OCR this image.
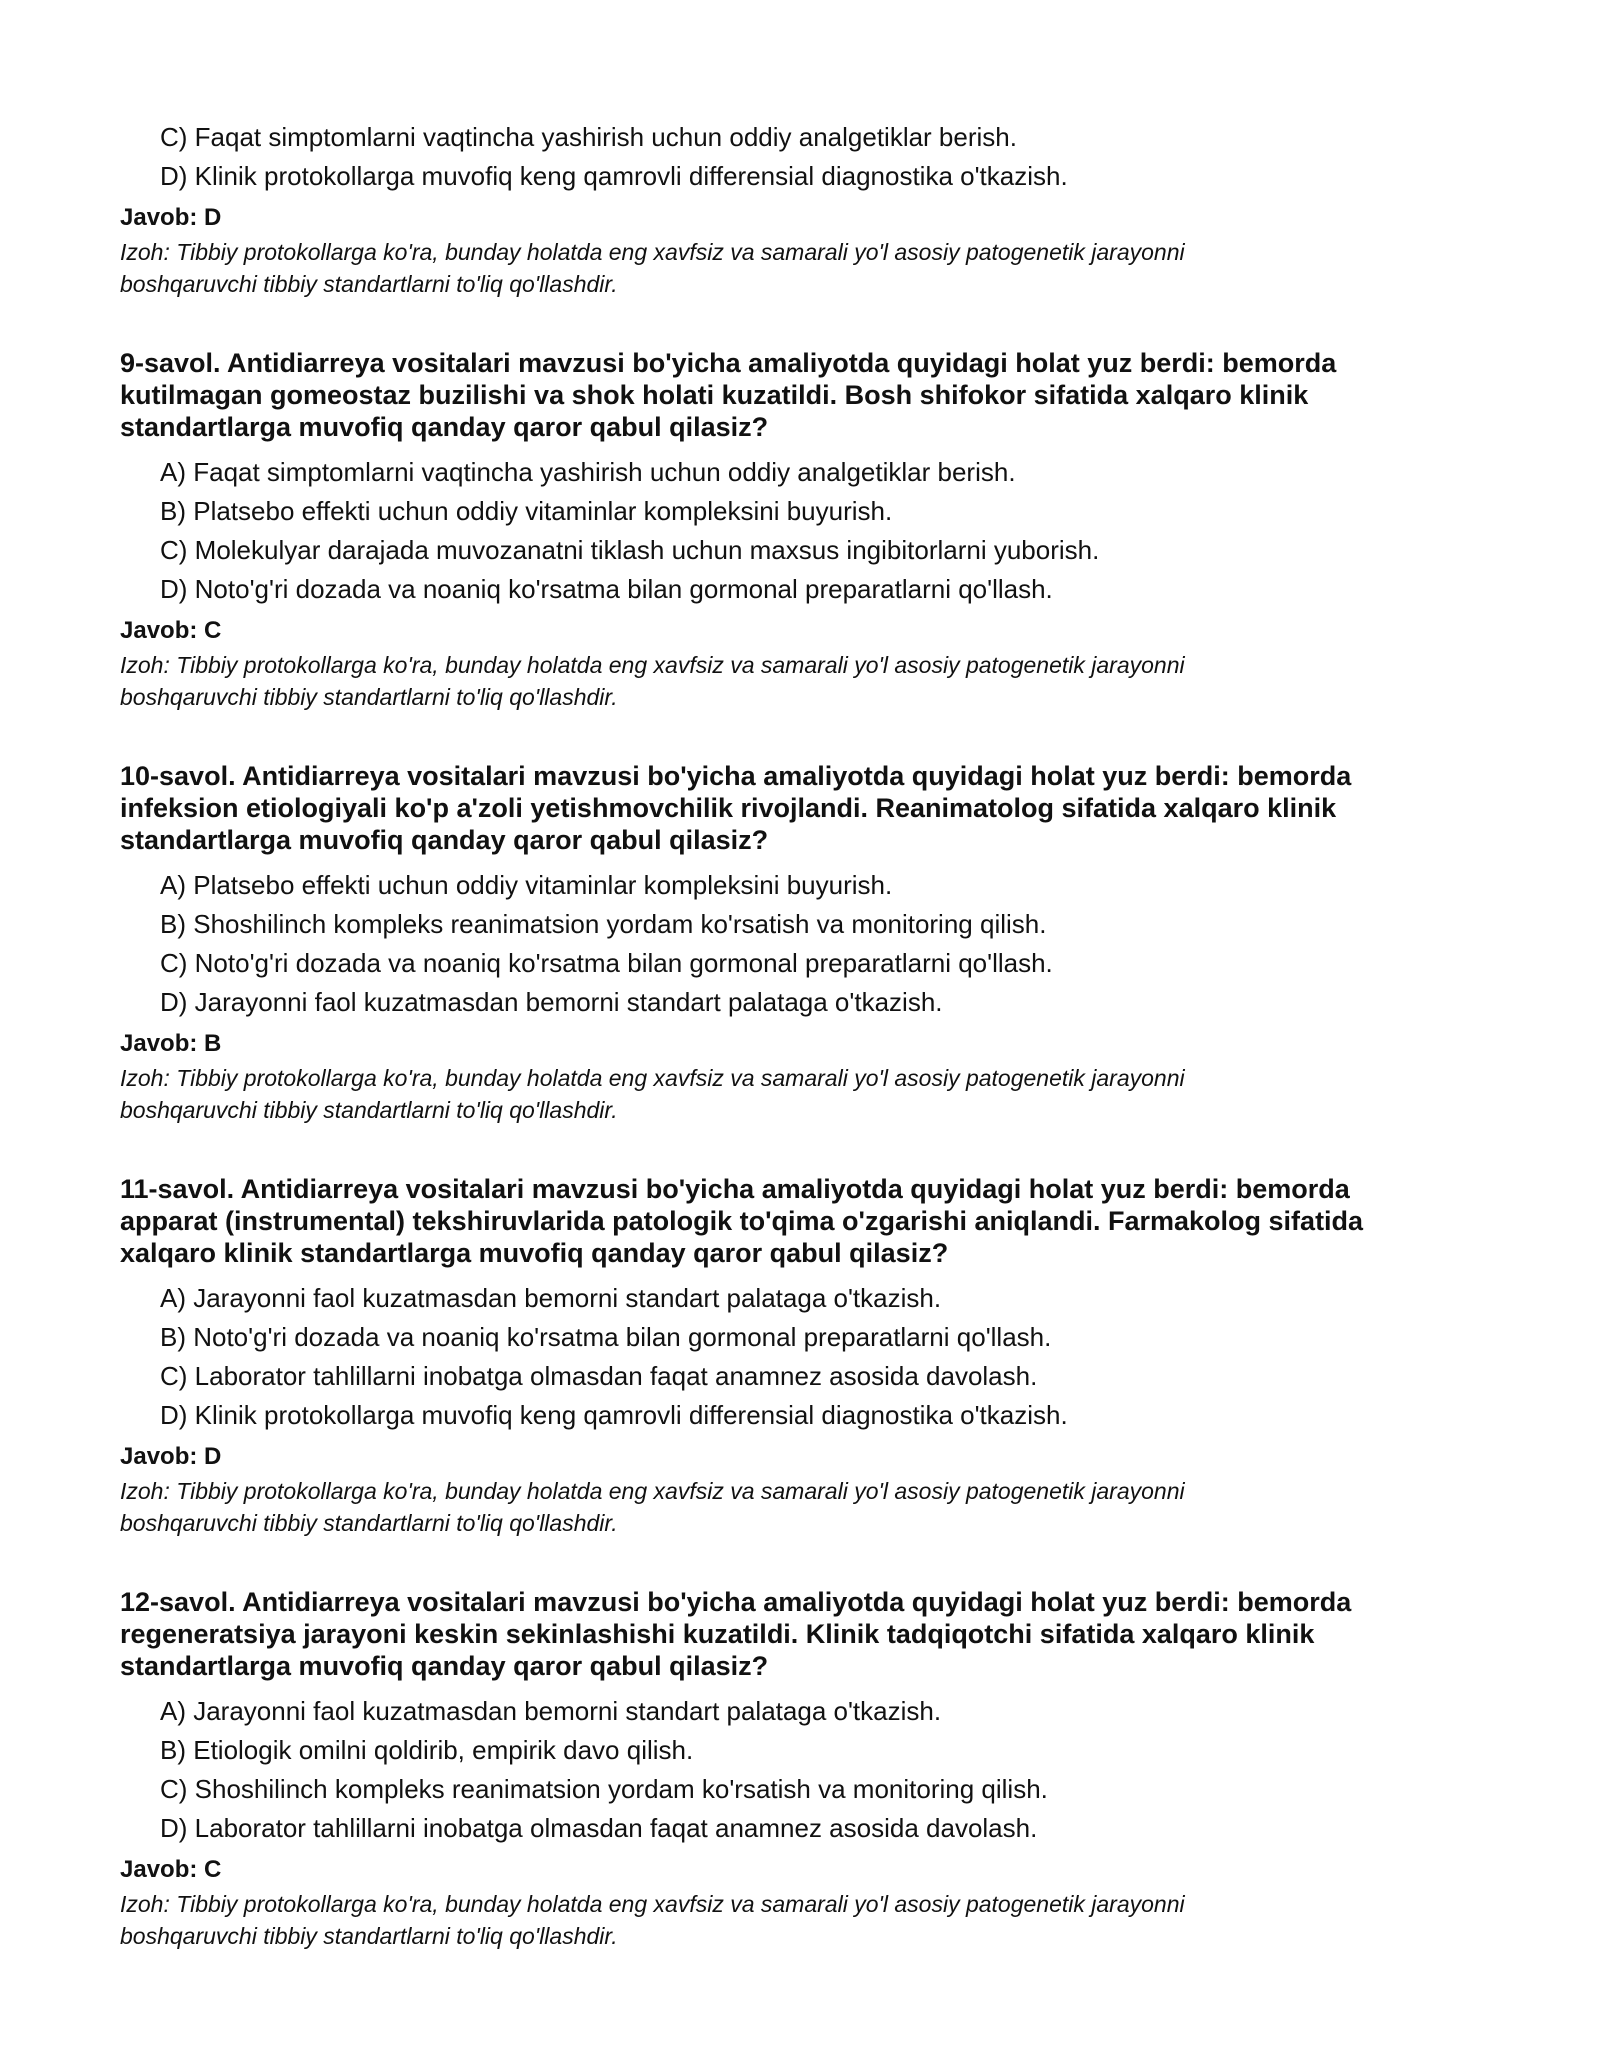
C) Faqat simptomlarni vaqtincha yashirish uchun oddiy analgetiklar berish.
D) Klinik protokollarga muvofiq keng qamrovli differensial diagnostika o'tkazish.
Javob: D
Izoh: Tibbiy protokollarga ko'ra, bunday holatda eng xavfsiz va samarali yo'l asosiy patogenetik jarayonni
boshqaruvchi tibbiy standartlarni to'liq qo'llashdir.
9-savol. Antidiarreya vositalari mavzusi bo'yicha amaliyotda quyidagi holat yuz berdi: bemorda
kutilmagan gomeostaz buzilishi va shok holati kuzatildi. Bosh shifokor sifatida xalqaro klinik
standartlarga muvofiq qanday qaror qabul qilasiz?
A) Faqat simptomlarni vaqtincha yashirish uchun oddiy analgetiklar berish.
B) Platsebo effekti uchun oddiy vitaminlar kompleksini buyurish.
C) Molekulyar darajada muvozanatni tiklash uchun maxsus ingibitorlarni yuborish.
D) Noto'g'ri dozada va noaniq ko'rsatma bilan gormonal preparatlarni qo'llash.
Javob: C
Izoh: Tibbiy protokollarga ko'ra, bunday holatda eng xavfsiz va samarali yo'l asosiy patogenetik jarayonni
boshqaruvchi tibbiy standartlarni to'liq qo'llashdir.
10-savol. Antidiarreya vositalari mavzusi bo'yicha amaliyotda quyidagi holat yuz berdi: bemorda
infeksion etiologiyali ko'p a'zoli yetishmovchilik rivojlandi. Reanimatolog sifatida xalqaro klinik
standartlarga muvofiq qanday qaror qabul qilasiz?
A) Platsebo effekti uchun oddiy vitaminlar kompleksini buyurish.
B) Shoshilinch kompleks reanimatsion yordam ko'rsatish va monitoring qilish.
C) Noto'g'ri dozada va noaniq ko'rsatma bilan gormonal preparatlarni qo'llash.
D) Jarayonni faol kuzatmasdan bemorni standart palataga o'tkazish.
Javob: B
Izoh: Tibbiy protokollarga ko'ra, bunday holatda eng xavfsiz va samarali yo'l asosiy patogenetik jarayonni
boshqaruvchi tibbiy standartlarni to'liq qo'llashdir.
11-savol. Antidiarreya vositalari mavzusi bo'yicha amaliyotda quyidagi holat yuz berdi: bemorda
apparat (instrumental) tekshiruvlarida patologik to'qima o'zgarishi aniqlandi. Farmakolog sifatida
xalqaro klinik standartlarga muvofiq qanday qaror qabul qilasiz?
A) Jarayonni faol kuzatmasdan bemorni standart palataga o'tkazish.
B) Noto'g'ri dozada va noaniq ko'rsatma bilan gormonal preparatlarni qo'llash.
C) Laborator tahlillarni inobatga olmasdan faqat anamnez asosida davolash.
D) Klinik protokollarga muvofiq keng qamrovli differensial diagnostika o'tkazish.
Javob: D
Izoh: Tibbiy protokollarga ko'ra, bunday holatda eng xavfsiz va samarali yo'l asosiy patogenetik jarayonni
boshqaruvchi tibbiy standartlarni to'liq qo'llashdir.
12-savol. Antidiarreya vositalari mavzusi bo'yicha amaliyotda quyidagi holat yuz berdi: bemorda
regeneratsiya jarayoni keskin sekinlashishi kuzatildi. Klinik tadqiqotchi sifatida xalqaro klinik
standartlarga muvofiq qanday qaror qabul qilasiz?
A) Jarayonni faol kuzatmasdan bemorni standart palataga o'tkazish.
B) Etiologik omilni qoldirib, empirik davo qilish.
C) Shoshilinch kompleks reanimatsion yordam ko'rsatish va monitoring qilish.
D) Laborator tahlillarni inobatga olmasdan faqat anamnez asosida davolash.
Javob: C
Izoh: Tibbiy protokollarga ko'ra, bunday holatda eng xavfsiz va samarali yo'l asosiy patogenetik jarayonni
boshqaruvchi tibbiy standartlarni to'liq qo'llashdir.
